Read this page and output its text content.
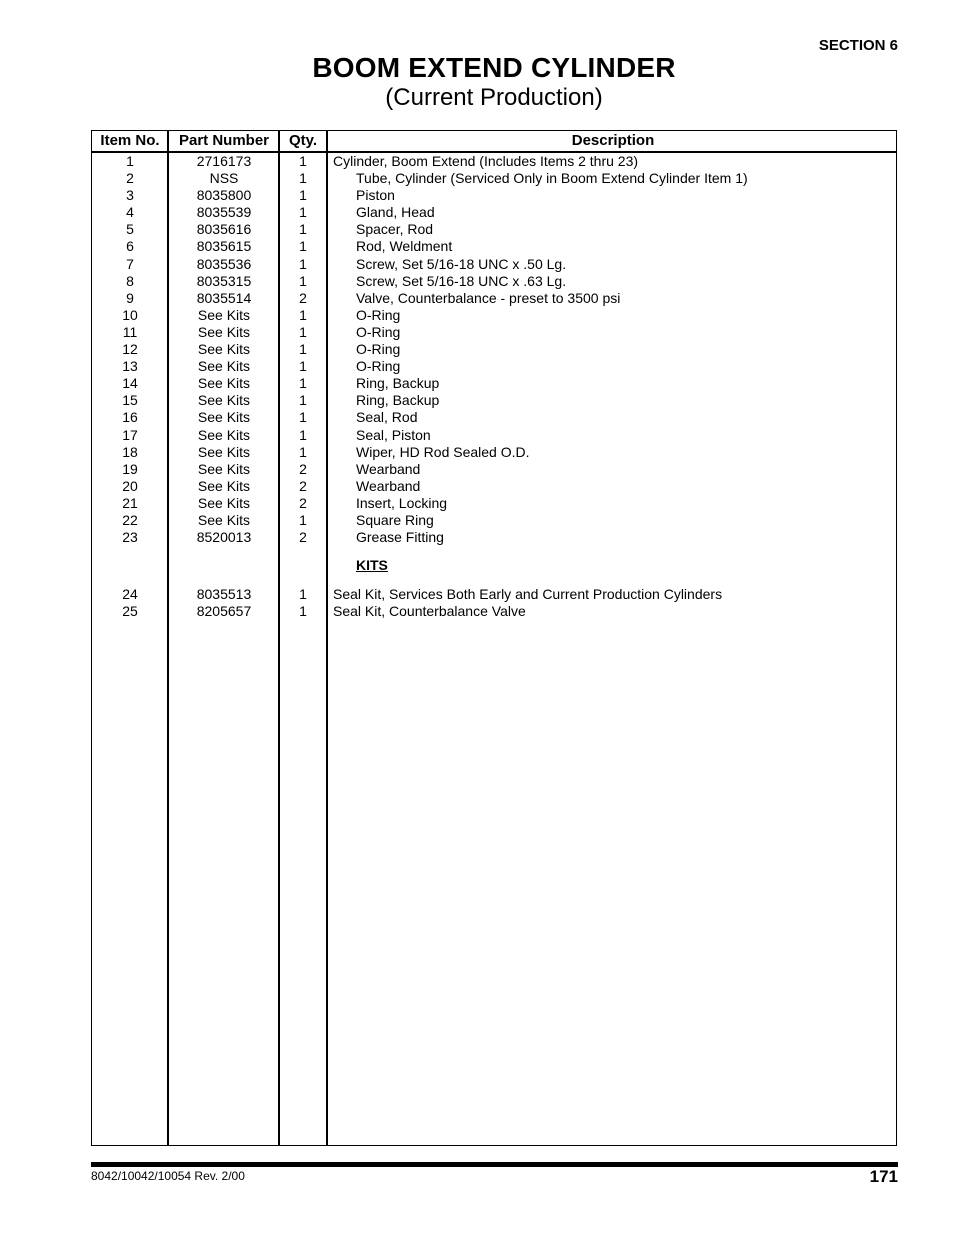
SECTION 6
BOOM EXTEND CYLINDER
(Current Production)
Item No.	Part Number	Qty.	Description
1	2716173	1	Cylinder, Boom Extend (Includes Items 2 thru 23)
2	NSS	1	Tube, Cylinder (Serviced Only in Boom Extend Cylinder Item 1)
3	8035800	1	Piston
4	8035539	1	Gland, Head
5	8035616	1	Spacer, Rod
6	8035615	1	Rod, Weldment
7	8035536	1	Screw, Set 5/16-18 UNC x .50 Lg.
8	8035315	1	Screw, Set 5/16-18 UNC x .63 Lg.
9	8035514	2	Valve, Counterbalance - preset to 3500 psi
10	See Kits	1	O-Ring
11	See Kits	1	O-Ring
12	See Kits	1	O-Ring
13	See Kits	1	O-Ring
14	See Kits	1	Ring, Backup
15	See Kits	1	Ring, Backup
16	See Kits	1	Seal, Rod
17	See Kits	1	Seal, Piston
18	See Kits	1	Wiper, HD Rod Sealed O.D.
19	See Kits	2	Wearband
20	See Kits	2	Wearband
21	See Kits	2	Insert, Locking
22	See Kits	1	Square Ring
23	8520013	2	Grease Fitting
KITS
24	8035513	1	Seal Kit, Services Both Early and Current Production Cylinders
25	8205657	1	Seal Kit, Counterbalance Valve
8042/10042/10054 Rev. 2/00	171
